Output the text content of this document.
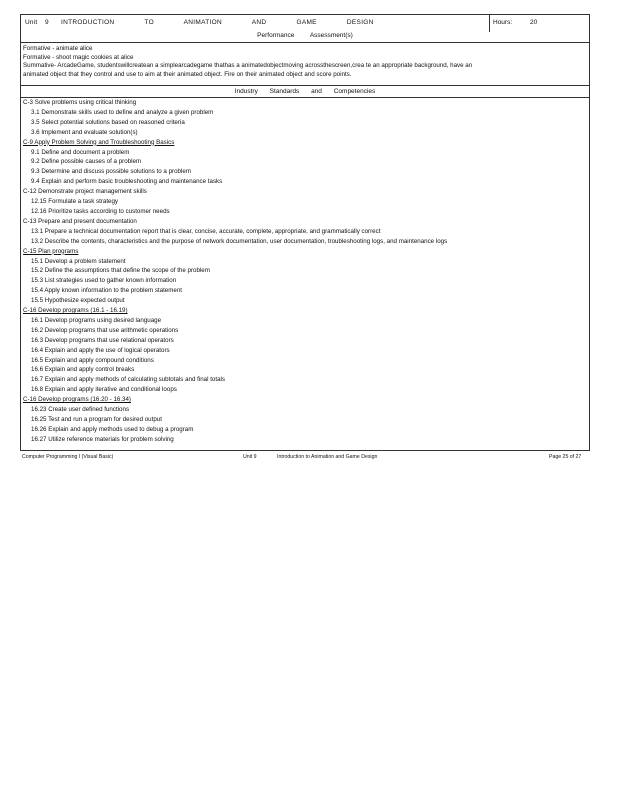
Unit 9 INTRODUCTION TO ANIMATION AND GAME DESIGN	Hours:	20
Performance Assessment(s)
Formative - animate alice
Formative - shoot magic cookies at alice
Summative- ArcadeGame, studentswillcreatean a simplearcadegame thathas a animatedobjectmoving acrossthescreen,crea te an appropriate background, have an
animated object that they control and use to aim at their animated object. Fire on their animated object and score points.
Industry Standards and Competencies
C-3 Solve problems using critical thinking
3.1 Demonstrate skills used to define and analyze a given problem
3.5 Select potential solutions based on reasoned criteria
3.6 Implement and evaluate solution(s)
C-9 Apply Problem Solving and Troubleshooting Basics
9.1 Define and document a problem
9.2 Define possible causes of a problem
9.3 Determine and discuss possible solutions to a problem
9.4 Explain and perform basic troubleshooting and maintenance tasks
C-12 Demonstrate project management skills
12.15 Formulate a task strategy
12.16 Prioritize tasks according to customer needs
C-13 Prepare and present documentation
13.1 Prepare a technical documentation report that is clear, concise, accurate, complete, appropriate, and grammatically correct
13.2 Describe the contents, characteristics and the purpose of network documentation, user documentation, troubleshooting logs, and maintenance logs
C-15 Plan programs
15.1 Develop a problem statement
15.2 Define the assumptions that define the scope of the problem
15.3 List strategies used to gather known information
15.4 Apply known information to the problem statement
15.5 Hypothesize expected output
C-16 Develop programs (16.1 - 16.19)
16.1 Develop programs using desired language
16.2 Develop programs that use arithmetic operations
16.3 Develop programs that use relational operators
16.4 Explain and apply the use of logical operators
16.5 Explain and apply compound conditions
16.6 Explain and apply control breaks
16.7 Explain and apply methods of calculating subtotals and final totals
16.8 Explain and apply iterative and conditional loops
C-16 Develop programs (16.20 - 16.34)
16.23 Create user defined functions
16.25 Test and run a program for desired output
16.26 Explain and apply methods used to debug a program
16.27 Utilize reference materials for problem solving
Computer Programming I (Visual Basic)	Unit 9	Introduction to Animation and Game Design	Page 25 of 27
